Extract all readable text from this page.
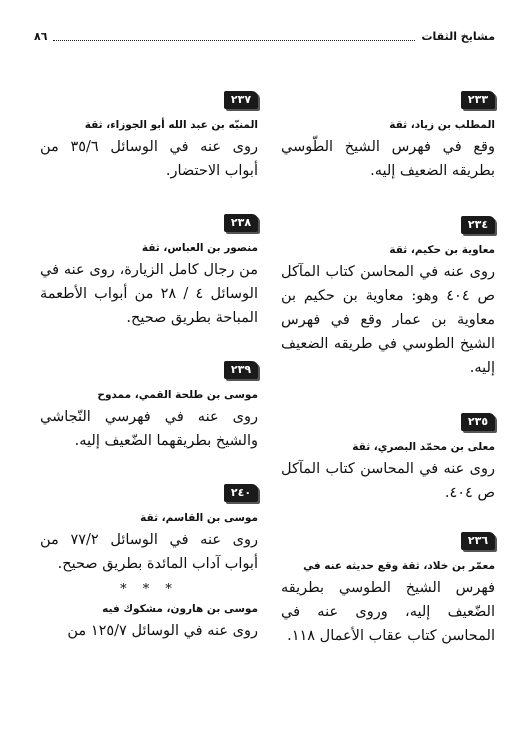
مشايخ الثقات
٨٦
٢٣٣
المطلب بن زياد، ثقة
وقع في فهرس الشيخ الطّوسي بطريقه الضعيف إليه.
٢٣٤
معاوية بن حكيم، ثقة
روى عنه في المحاسن كتاب المآكل ص ٤٠٤ وهو: معاوية بن حكيم بن معاوية بن عمار وقع في فهرس الشيخ الطوسي في طريقه الضعيف إليه.
٢٣٥
معلى بن محمّد البصري، ثقة
روى عنه في المحاسن كتاب المآكل ص ٤٠٤.
٢٣٦
معمّر بن خلاد، ثقة وقع حديثه عنه في
فهرس الشيخ الطوسي بطريقه الضّعيف إليه، وروى عنه في المحاسن كتاب عقاب الأعمال ١١٨.
٢٣٧
المنبّه بن عبد الله أبو الجوزاء، ثقة
روى عنه في الوسائل ٣٥/٦ من أبواب الاحتضار.
٢٣٨
منصور بن العباس، ثقة
من رجال كامل الزيارة، روى عنه في الوسائل ٤ / ٢٨ من أبواب الأطعمة المباحة بطريق صحيح.
٢٣٩
موسى بن طلحة القمي، ممدوح
روى عنه في فهرسي النّجاشي والشيخ بطريقهما الضّعيف إليه.
٢٤٠
موسى بن القاسم، ثقة
روى عنه في الوسائل ٧٧/٢ من أبواب آداب المائدة بطريق صحيح.
* * *
موسى بن هارون، مشكوك فيه
روى عنه في الوسائل ١٢٥/٧ من
